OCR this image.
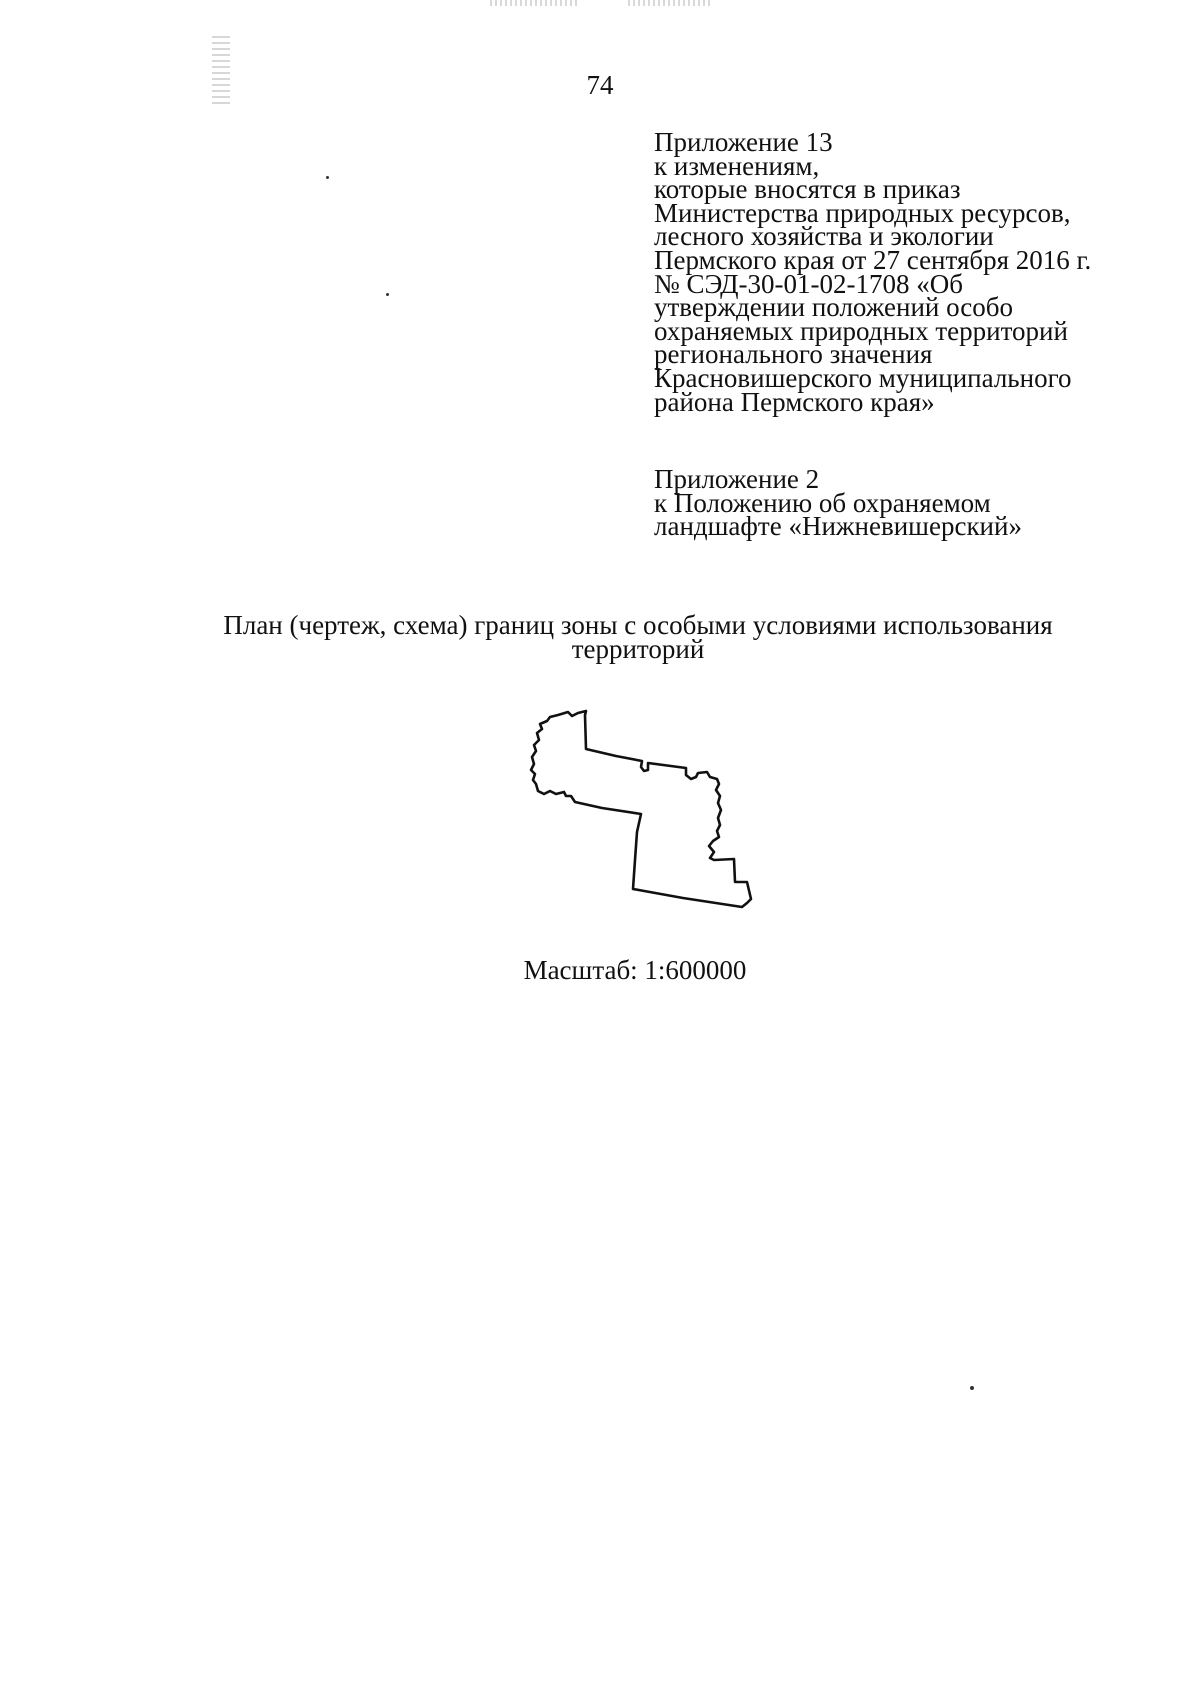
74
Приложение 13
к изменениям,
которые вносятся в приказ
Министерства природных ресурсов,
лесного хозяйства и экологии
Пермского края от 27 сентября 2016 г.
№ СЭД-30-01-02-1708 «Об
утверждении положений особо
охраняемых природных территорий
регионального значения
Красновишерского муниципального
района Пермского края»
Приложение 2
к Положению об охраняемом
ландшафте «Нижневишерский»
План (чертеж, схема) границ зоны с особыми условиями использования
территорий
Масштаб: 1:600000
